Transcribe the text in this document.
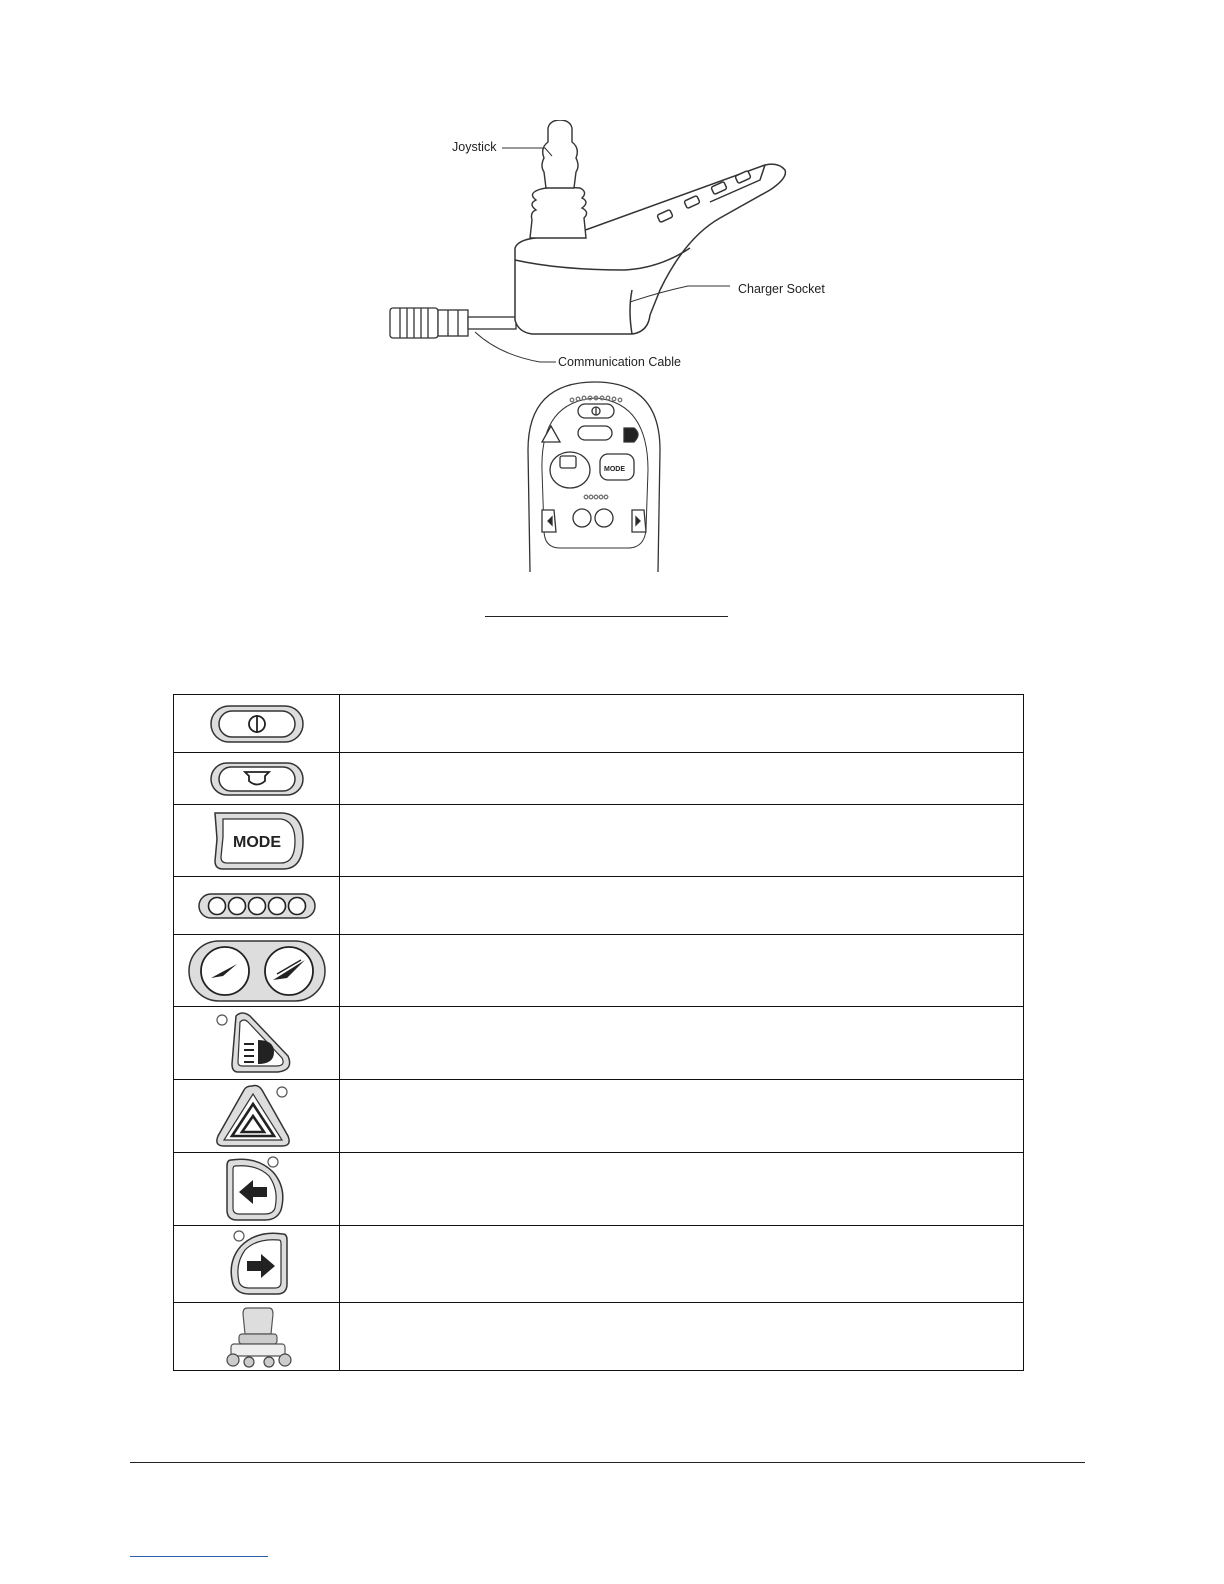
Joystick
Charger Socket
Communication Cable
MODE

MODE	
